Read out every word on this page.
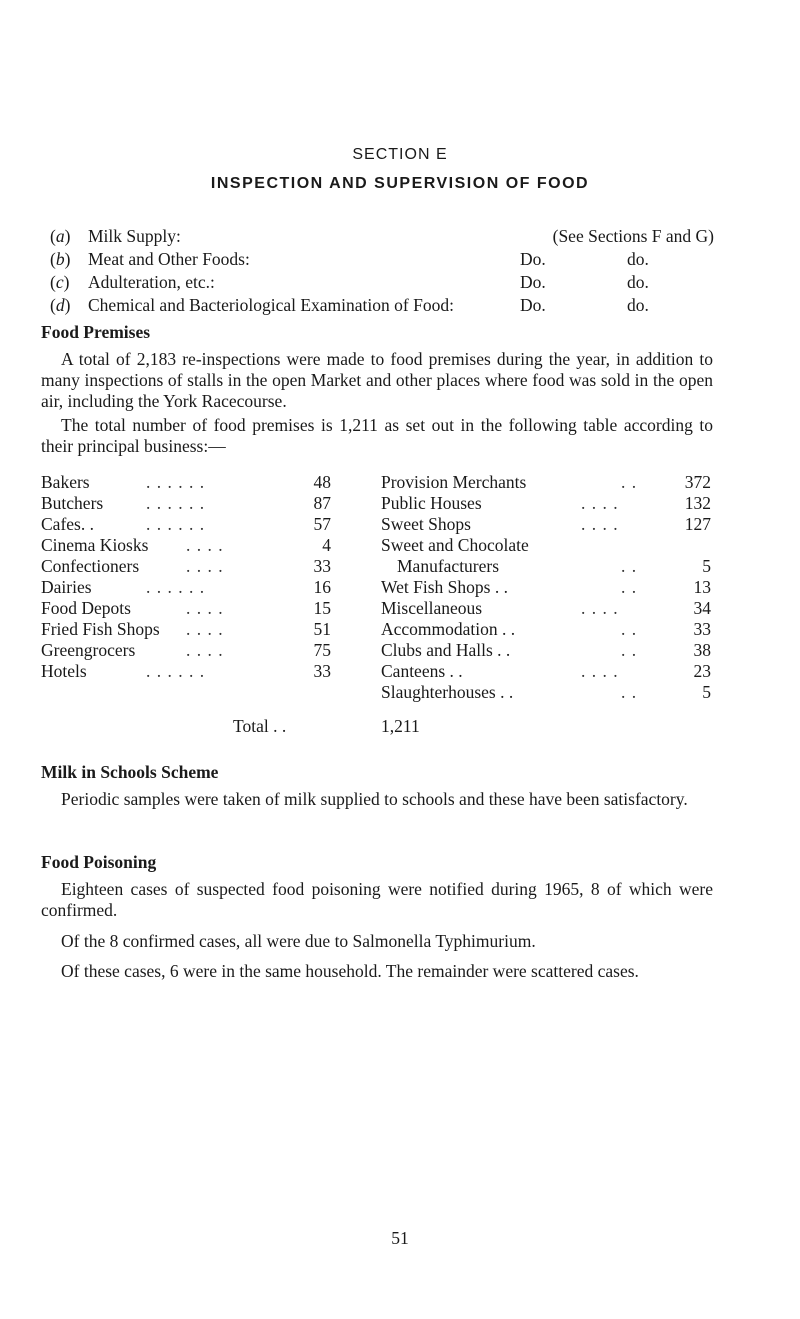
SECTION E
INSPECTION AND SUPERVISION OF FOOD
(a)	Milk Supply:	(See Sections F and G)
(b)	Meat and Other Foods:	Do.	do.
(c)	Adulteration, etc.:	Do.	do.
(d)	Chemical and Bacteriological Examination of Food:	Do.	do.
Food Premises
A total of 2,183 re-inspections were made to food premises during the year, in addition to many inspections of stalls in the open Market and other places where food was sold in the open air, including the York Racecourse.
The total number of food premises is 1,211 as set out in the following table according to their principal business:—
Bakers	. . . . . .	48
Butchers . . . . . .	87
Cafes. .	. . . . . .	57
Cinema Kiosks . . . .	4
Confectioners	. . . .	33
Dairies	. . . . . .	16
Food Depots	. . . .	15
Fried Fish Shops . . . .	51
Greengrocers	. . . .	75
Hotels	. . . . . .	33
Provision Merchants	. .	372
Public Houses	. . . .	132
Sweet Shops	. . . .	127
Sweet and Chocolate
Manufacturers	. .	5
Wet Fish Shops . .	. .	13
Miscellaneous	. . . .	34
Accommodation . .	. .	33
Clubs and Halls . .	. .	38
Canteens . .	. . . .	23
Slaughterhouses . .	. .	5
Total . .	1,211
Milk in Schools Scheme
Periodic samples were taken of milk supplied to schools and these have been satisfactory.
Food Poisoning
Eighteen cases of suspected food poisoning were notified during 1965, 8 of which were confirmed.
Of the 8 confirmed cases, all were due to Salmonella Typhimurium.
Of these cases, 6 were in the same household. The remainder were scattered cases.
51
